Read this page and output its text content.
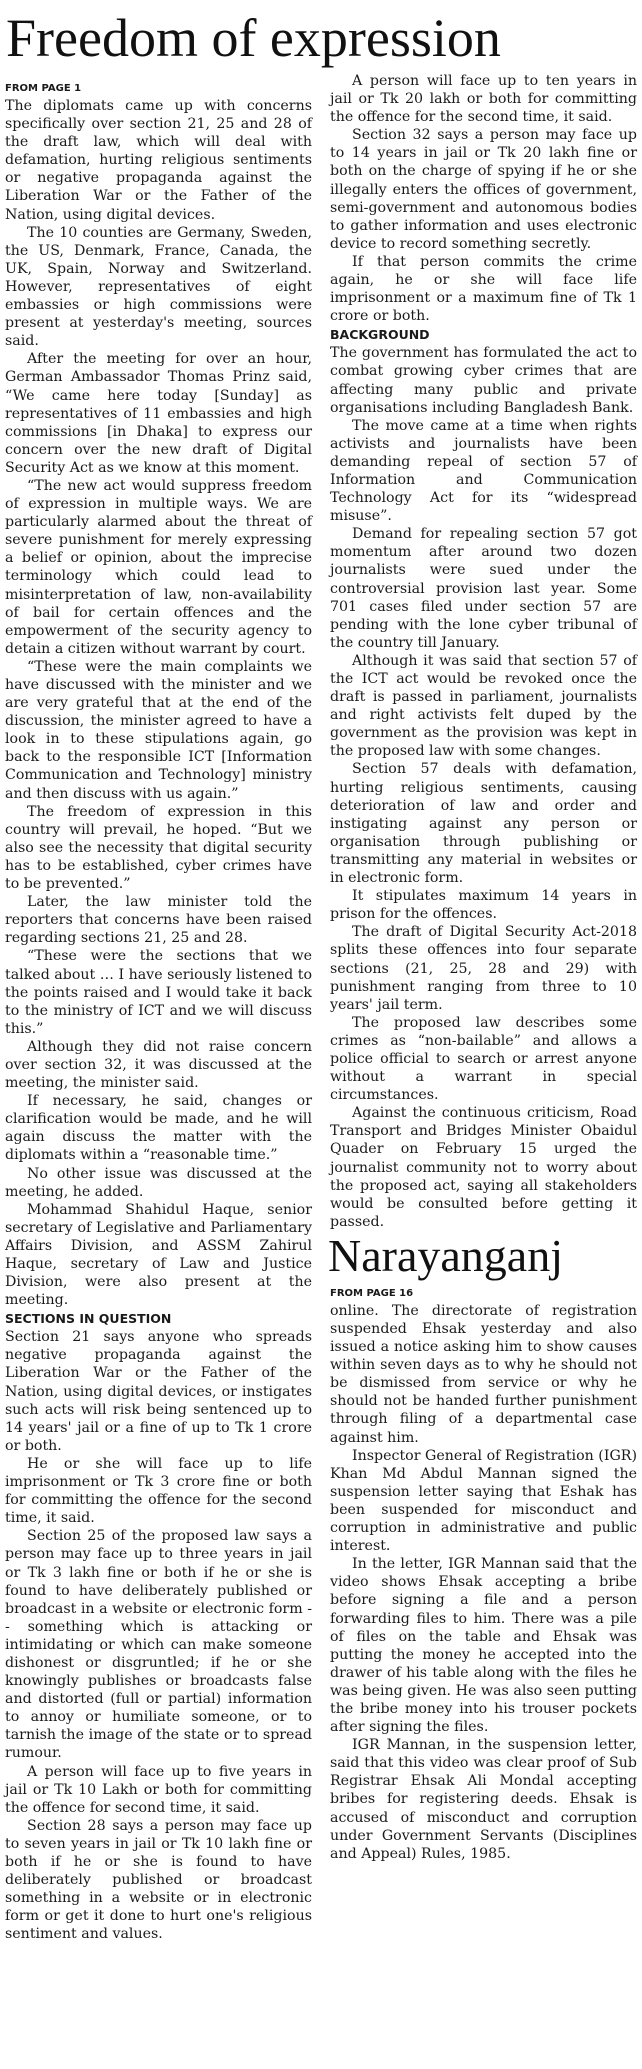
Freedom of expression
FROM PAGE 1

The diplomats came up with concerns specifically over section 21, 25 and 28 of the draft law, which will deal with defamation, hurting religious sentiments or negative propaganda against the Liberation War or the Father of the Nation, using digital devices.

The 10 counties are Germany, Sweden, the US, Denmark, France, Canada, the UK, Spain, Norway and Switzerland. However, representatives of eight embassies or high commissions were present at yesterday's meeting, sources said.

After the meeting for over an hour, German Ambassador Thomas Prinz said, “We came here today [Sunday] as representatives of 11 embassies and high commissions [in Dhaka] to express our concern over the new draft of Digital Security Act as we know at this moment.

“The new act would suppress freedom of expression in multiple ways. We are particularly alarmed about the threat of severe punishment for merely expressing a belief or opinion, about the imprecise terminology which could lead to misinterpretation of law, non-availability of bail for certain offences and the empowerment of the security agency to detain a citizen without warrant by court.

“These were the main complaints we have discussed with the minister and we are very grateful that at the end of the discussion, the minister agreed to have a look in to these stipulations again, go back to the responsible ICT [Information Communication and Technology] ministry and then discuss with us again.”

The freedom of expression in this country will prevail, he hoped. “But we also see the necessity that digital security has to be established, cyber crimes have to be prevented.”

Later, the law minister told the reporters that concerns have been raised regarding sections 21, 25 and 28.

“These were the sections that we talked about … I have seriously listened to the points raised and I would take it back to the ministry of ICT and we will discuss this.”

Although they did not raise concern over section 32, it was discussed at the meeting, the minister said.

If necessary, he said, changes or clarification would be made, and he will again discuss the matter with the diplomats within a “reasonable time.”

No other issue was discussed at the meeting, he added.

Mohammad Shahidul Haque, senior secretary of Legislative and Parliamentary Affairs Division, and ASSM Zahirul Haque, secretary of Law and Justice Division, were also present at the meeting.

SECTIONS IN QUESTION

Section 21 says anyone who spreads negative propaganda against the Liberation War or the Father of the Nation, using digital devices, or instigates such acts will risk being sentenced up to 14 years' jail or a fine of up to Tk 1 crore or both.

He or she will face up to life imprisonment or Tk 3 crore fine or both for committing the offence for the second time, it said.

Section 25 of the proposed law says a person may face up to three years in jail or Tk 3 lakh fine or both if he or she is found to have deliberately published or broadcast in a website or electronic form -- something which is attacking or intimidating or which can make someone dishonest or disgruntled; if he or she knowingly publishes or broadcasts false and distorted (full or partial) information to annoy or humiliate someone, or to tarnish the image of the state or to spread rumour.

A person will face up to five years in jail or Tk 10 Lakh or both for committing the offence for second time, it said.

Section 28 says a person may face up to seven years in jail or Tk 10 lakh fine or both if he or she is found to have deliberately published or broadcast something in a website or in electronic form or get it done to hurt one's religious sentiment and values.

A person will face up to ten years in jail or Tk 20 lakh or both for committing the offence for the second time, it said.

Section 32 says a person may face up to 14 years in jail or Tk 20 lakh fine or both on the charge of spying if he or she illegally enters the offices of government, semi-government and autonomous bodies to gather information and uses electronic device to record something secretly.

If that person commits the crime again, he or she will face life imprisonment or a maximum fine of Tk 1 crore or both.

BACKGROUND

The government has formulated the act to combat growing cyber crimes that are affecting many public and private organisations including Bangladesh Bank.

The move came at a time when rights activists and journalists have been demanding repeal of section 57 of Information and Communication Technology Act for its “widespread misuse”.

Demand for repealing section 57 got momentum after around two dozen journalists were sued under the controversial provision last year. Some 701 cases filed under section 57 are pending with the lone cyber tribunal of the country till January.

Although it was said that section 57 of the ICT act would be revoked once the draft is passed in parliament, journalists and right activists felt duped by the government as the provision was kept in the proposed law with some changes.

Section 57 deals with defamation, hurting religious sentiments, causing deterioration of law and order and instigating against any person or organisation through publishing or transmitting any material in websites or in electronic form.

It stipulates maximum 14 years in prison for the offences.

The draft of Digital Security Act-2018 splits these offences into four separate sections (21, 25, 28 and 29) with punishment ranging from three to 10 years' jail term.

The proposed law describes some crimes as “non-bailable” and allows a police official to search or arrest anyone without a warrant in special circumstances.

Against the continuous criticism, Road Transport and Bridges Minister Obaidul Quader on February 15 urged the journalist community not to worry about the proposed act, saying all stakeholders would be consulted before getting it passed.

Narayanganj
FROM PAGE 16

online. The directorate of registration suspended Ehsak yesterday and also issued a notice asking him to show causes within seven days as to why he should not be dismissed from service or why he should not be handed further punishment through filing of a departmental case against him.

Inspector General of Registration (IGR) Khan Md Abdul Mannan signed the suspension letter saying that Eshak has been suspended for misconduct and corruption in administrative and public interest.

In the letter, IGR Mannan said that the video shows Ehsak accepting a bribe before signing a file and a person forwarding files to him. There was a pile of files on the table and Ehsak was putting the money he accepted into the drawer of his table along with the files he was being given. He was also seen putting the bribe money into his trouser pockets after signing the files.

IGR Mannan, in the suspension letter, said that this video was clear proof of Sub Registrar Ehsak Ali Mondal accepting bribes for registering deeds. Ehsak is accused of misconduct and corruption under Government Servants (Disciplines and Appeal) Rules, 1985.
